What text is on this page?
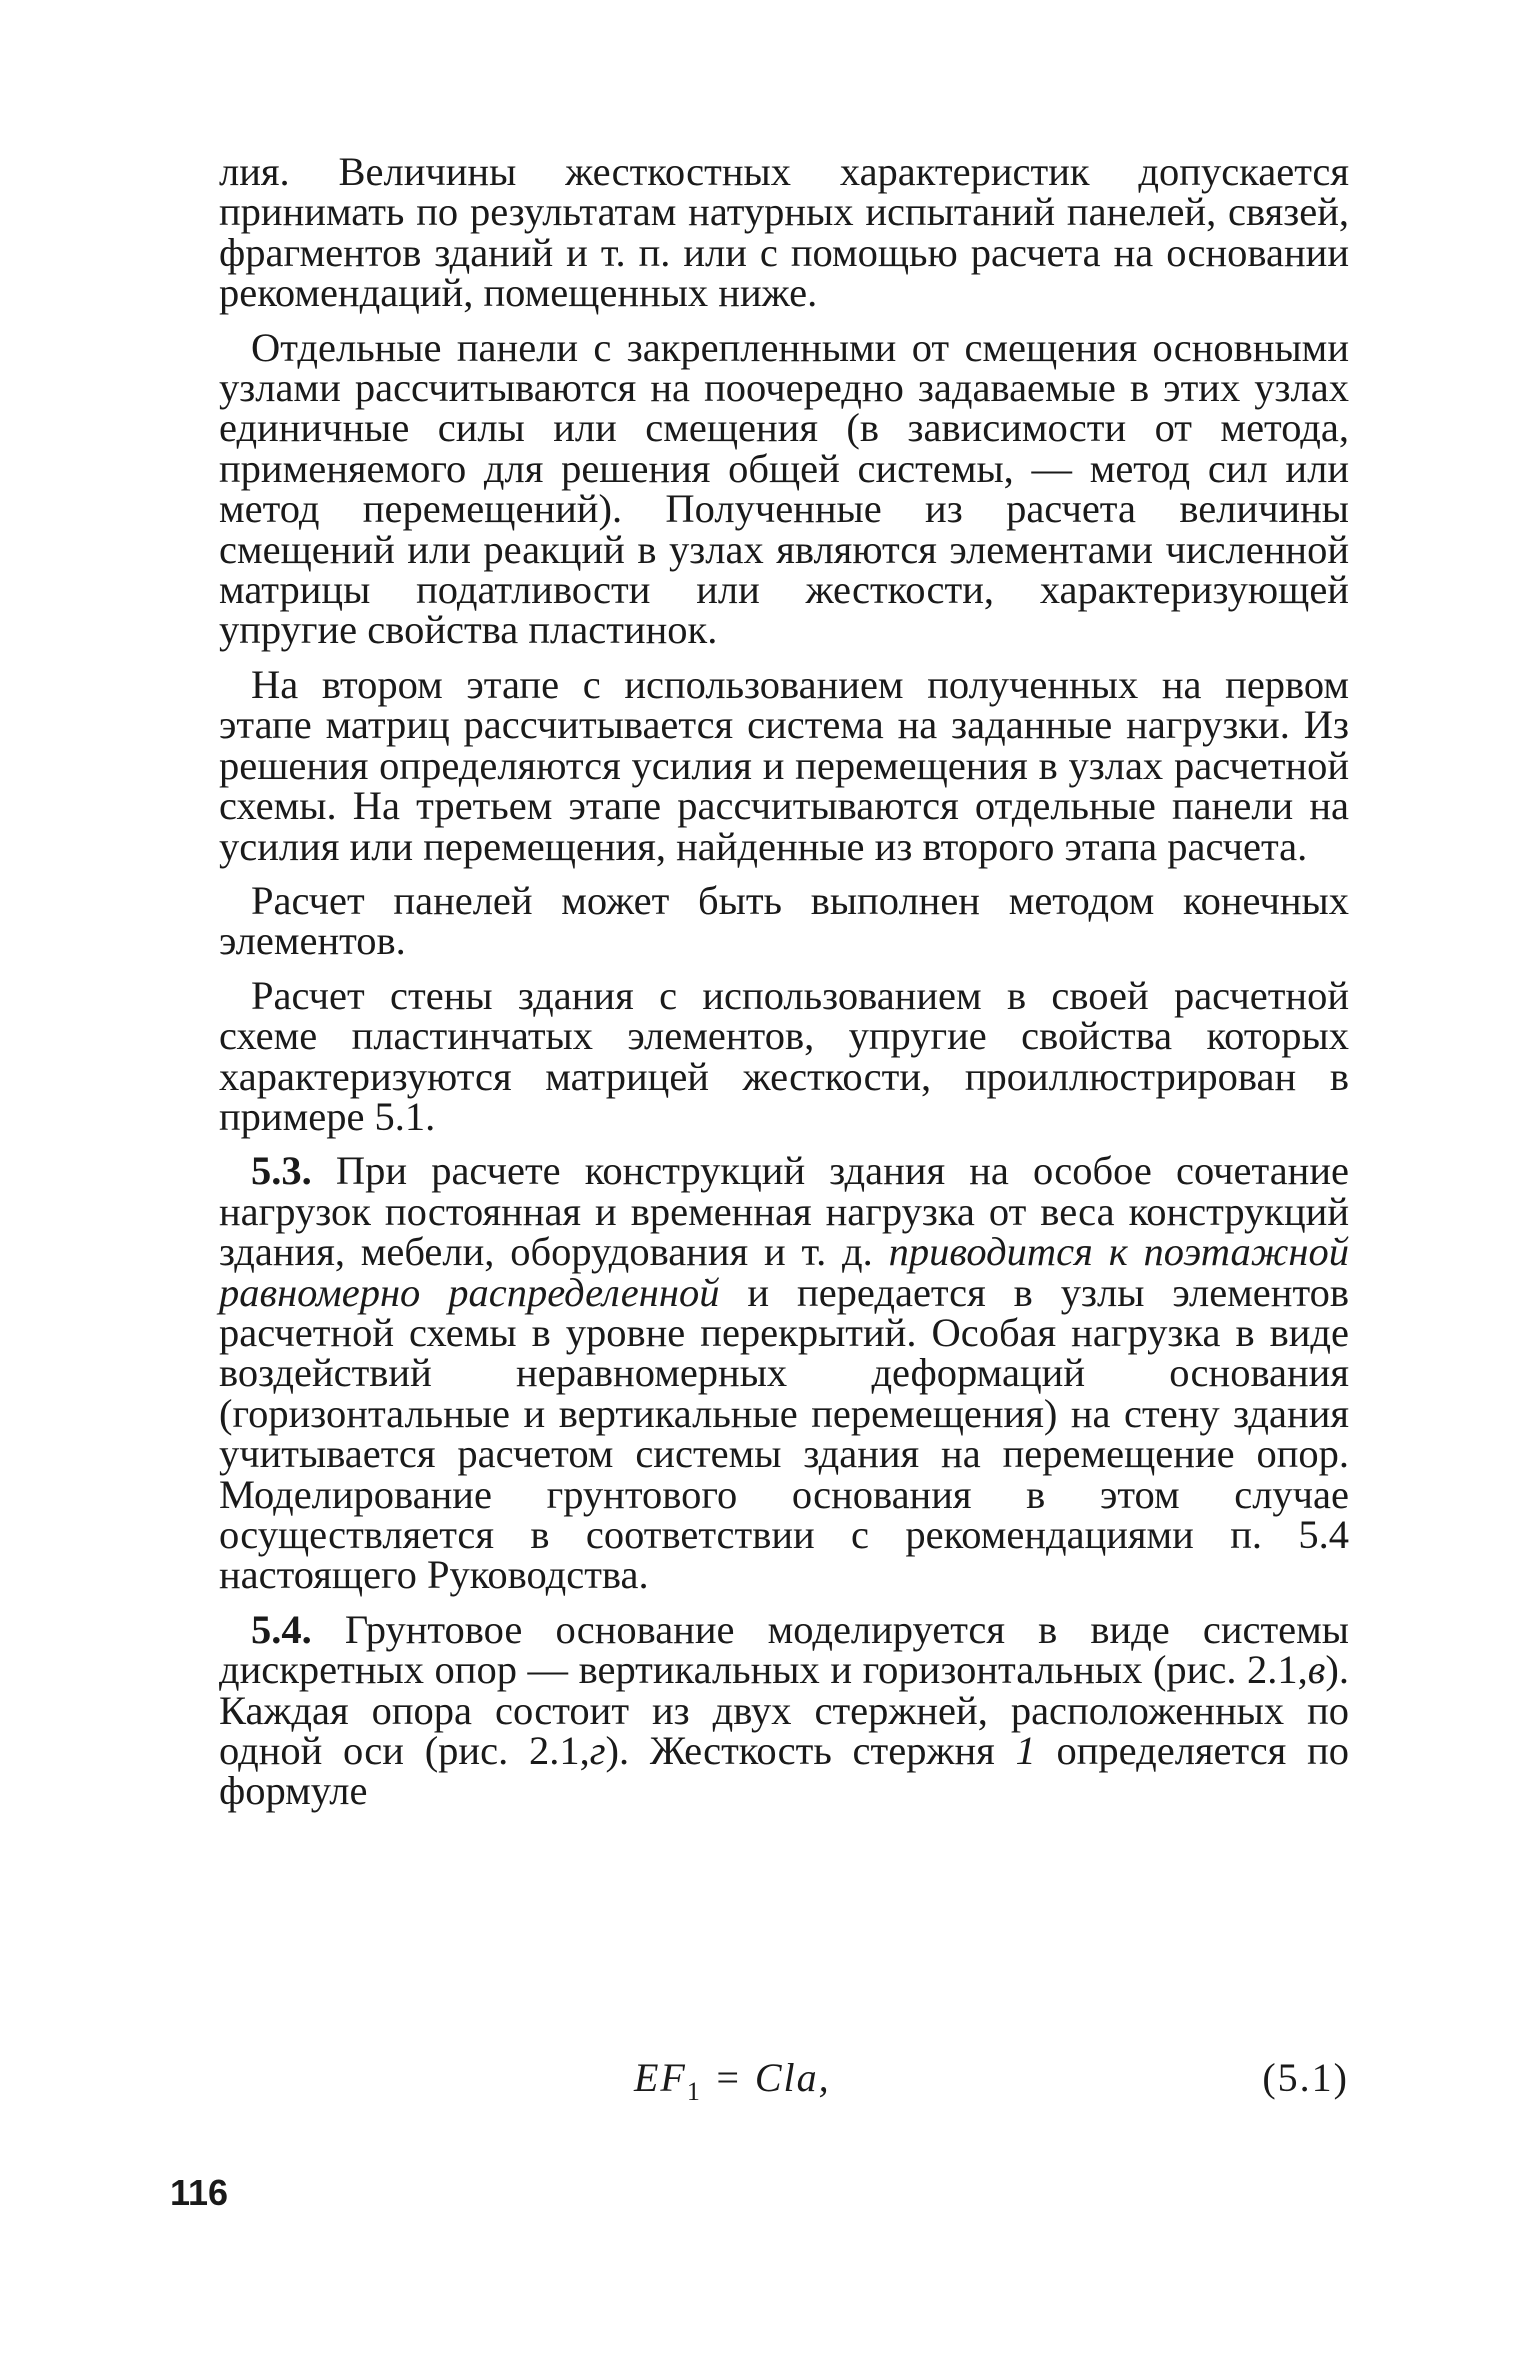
лия. Величины жесткостных характеристик допускается принимать по результатам натурных испытаний панелей, связей, фрагментов зданий и т. п. или с помощью расчета на основании рекомендаций, помещенных ниже.

Отдельные панели с закрепленными от смещения основными узлами рассчитываются на поочередно задаваемые в этих узлах единичные силы или смещения (в зависимости от метода, применяемого для решения общей системы, — метод сил или метод перемещений). Полученные из расчета величины смещений или реакций в узлах являются элементами численной матрицы податливости или жесткости, характеризующей упругие свойства пластинок.

На втором этапе с использованием полученных на первом этапе матриц рассчитывается система на заданные нагрузки. Из решения определяются усилия и перемещения в узлах расчетной схемы. На третьем этапе рассчитываются отдельные панели на усилия или перемещения, найденные из второго этапа расчета.

Расчет панелей может быть выполнен методом конечных элементов.

Расчет стены здания с использованием в своей расчетной схеме пластинчатых элементов, упругие свойства которых характеризуются матрицей жесткости, проиллюстрирован в примере 5.1.

5.3. При расчете конструкций здания на особое сочетание нагрузок постоянная и временная нагрузка от веса конструкций здания, мебели, оборудования и т. д. приводится к поэтажной равномерно распределенной и передается в узлы элементов расчетной схемы в уровне перекрытий. Особая нагрузка в виде воздействий неравномерных деформаций основания (горизонтальные и вертикальные перемещения) на стену здания учитывается расчетом системы здания на перемещение опор. Моделирование грунтового основания в этом случае осуществляется в соответствии с рекомендациями п. 5.4 настоящего Руководства.

5.4. Грунтовое основание моделируется в виде системы дискретных опор — вертикальных и горизонтальных (рис. 2.1,в). Каждая опора состоит из двух стержней, расположенных по одной оси (рис. 2.1,г). Жесткость стержня 1 определяется по формуле

$EF_1$ = Cla,	(5.1)
116
